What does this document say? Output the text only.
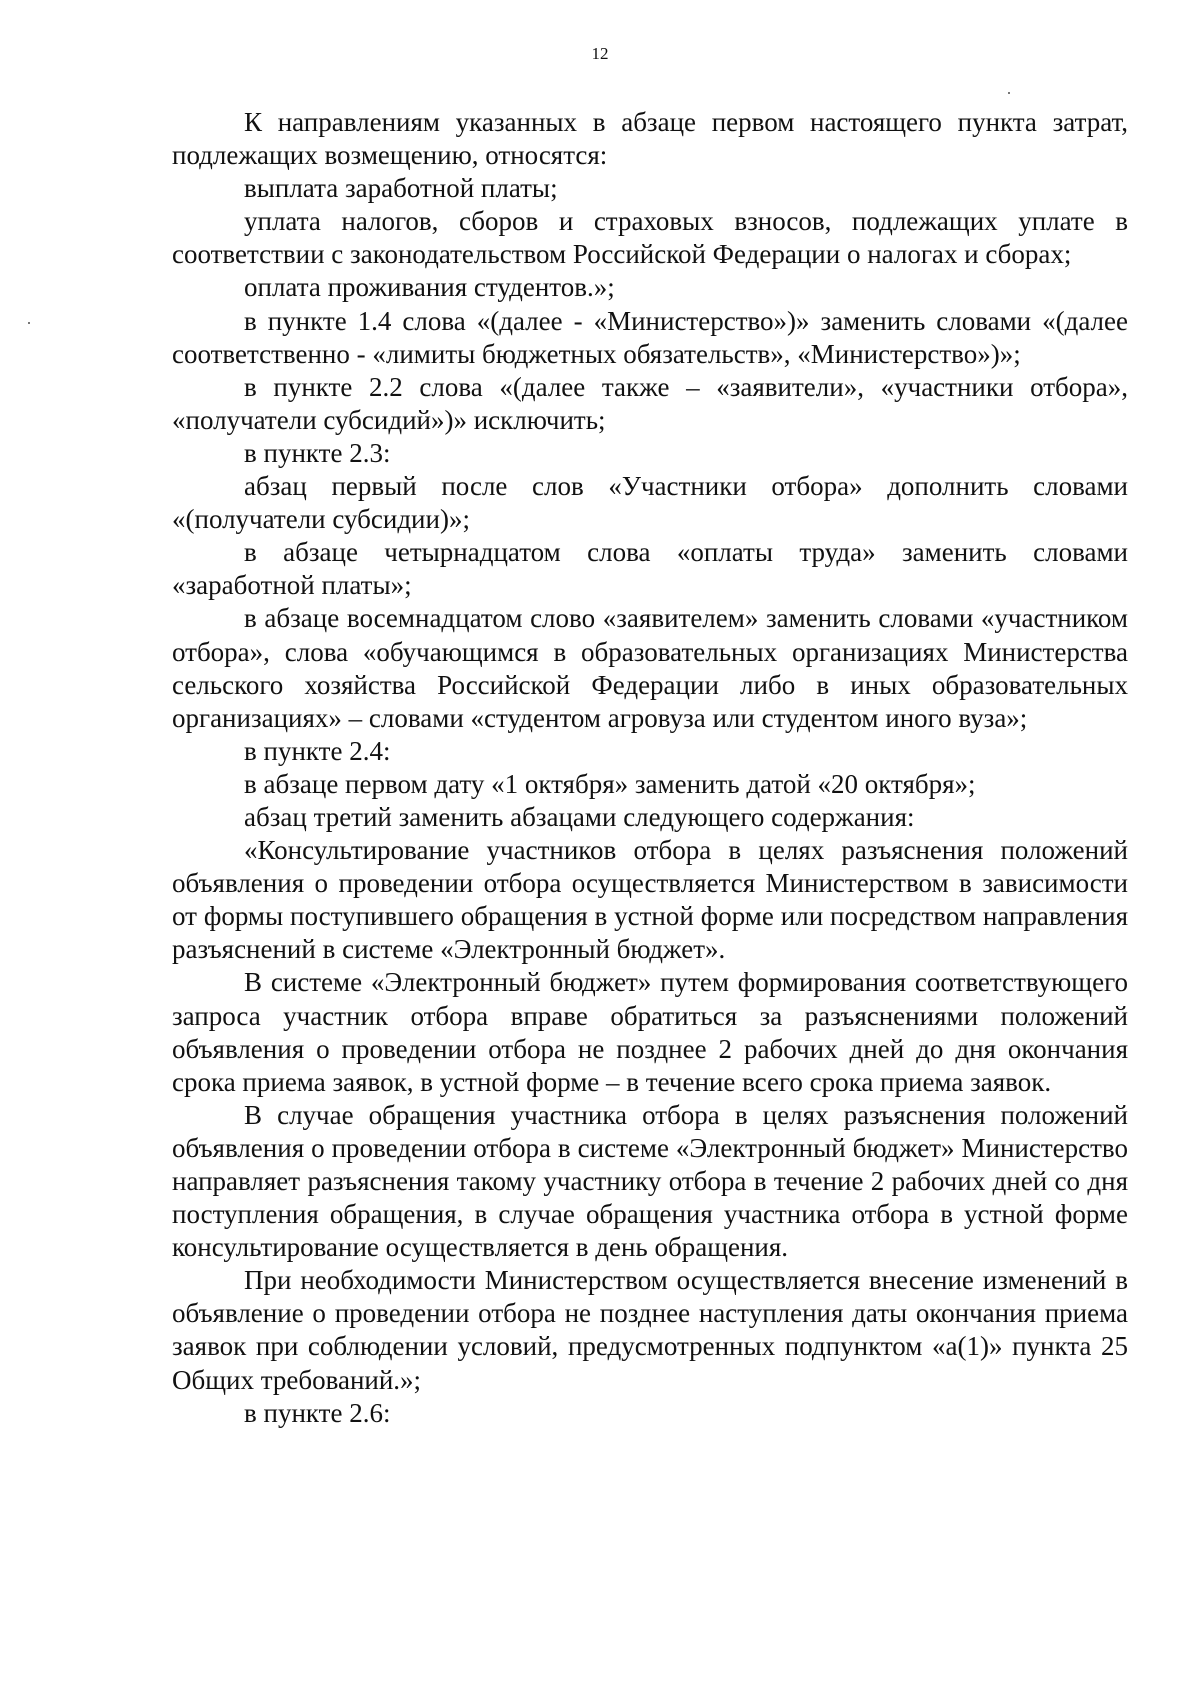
12

К направлениям указанных в абзаце первом настоящего пункта затрат, подлежащих возмещению, относятся:

выплата заработной платы;

уплата налогов, сборов и страховых взносов, подлежащих уплате в соответствии с законодательством Российской Федерации о налогах и сборах;

оплата проживания студентов.»;

в пункте 1.4 слова «(далее - «Министерство»)» заменить словами «(далее соответственно - «лимиты бюджетных обязательств», «Министерство»)»;

в пункте 2.2 слова «(далее также – «заявители», «участники отбора», «получатели субсидий»)» исключить;

в пункте 2.3:

абзац первый после слов «Участники отбора» дополнить словами «(получатели субсидии)»;

в абзаце четырнадцатом слова «оплаты труда» заменить словами «заработной платы»;

в абзаце восемнадцатом слово «заявителем» заменить словами «участником отбора», слова «обучающимся в образовательных организациях Министерства сельского хозяйства Российской Федерации либо в иных образовательных организациях» – словами «студентом агровуза или студентом иного вуза»;

в пункте 2.4:

в абзаце первом дату «1 октября» заменить датой «20 октября»;

абзац третий заменить абзацами следующего содержания:

«Консультирование участников отбора в целях разъяснения положений объявления о проведении отбора осуществляется Министерством в зависимости от формы поступившего обращения в устной форме или посредством направления разъяснений в системе «Электронный бюджет».

В системе «Электронный бюджет» путем формирования соответствующего запроса участник отбора вправе обратиться за разъяснениями положений объявления о проведении отбора не позднее 2 рабочих дней до дня окончания срока приема заявок, в устной форме – в течение всего срока приема заявок.

В случае обращения участника отбора в целях разъяснения положений объявления о проведении отбора в системе «Электронный бюджет» Министерство направляет разъяснения такому участнику отбора в течение 2 рабочих дней со дня поступления обращения, в случае обращения участника отбора в устной форме консультирование осуществляется в день обращения.

При необходимости Министерством осуществляется внесение изменений в объявление о проведении отбора не позднее наступления даты окончания приема заявок при соблюдении условий, предусмотренных подпунктом «а(1)» пункта 25 Общих требований.»;

в пункте 2.6:
